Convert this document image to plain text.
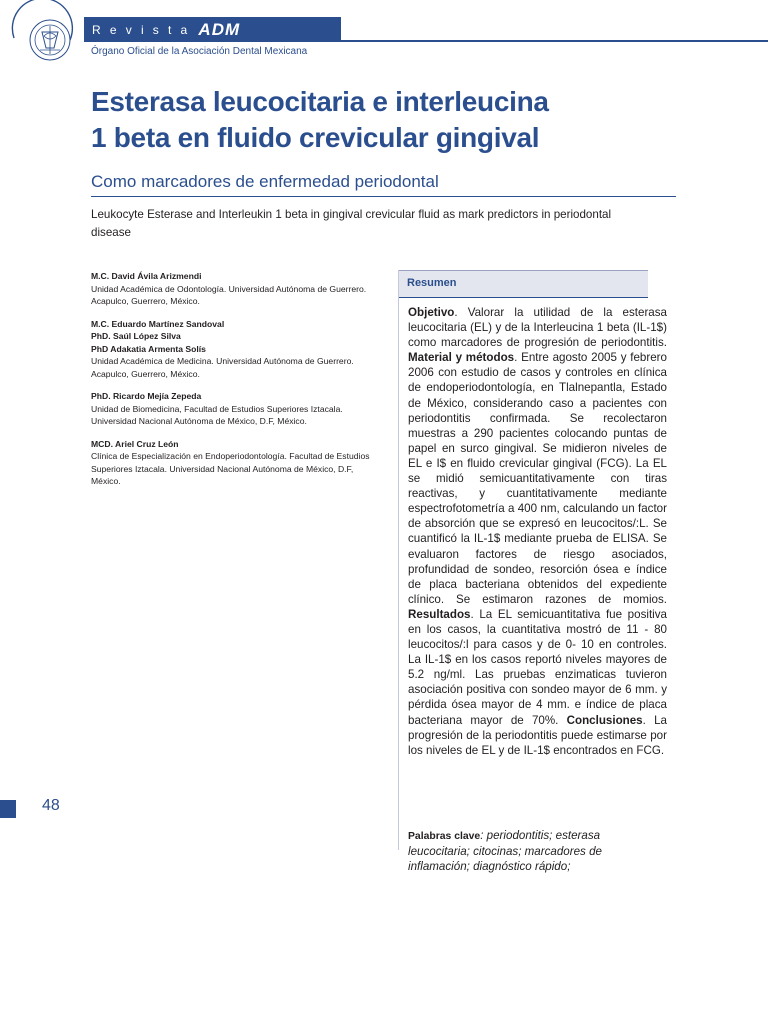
Revista ADM
Órgano Oficial de la Asociación Dental Mexicana
Esterasa leucocitaria e interleucina
1 beta en fluido crevicular gingival
Como marcadores de enfermedad periodontal
Leukocyte Esterase and Interleukin 1 beta in gingival crevicular fluid as mark predictors in periodontal disease
M.C. David Ávila Arizmendi
Unidad Académica de Odontología. Universidad Autónoma de Guerrero. Acapulco, Guerrero, México.
M.C. Eduardo Martínez Sandoval
PhD. Saúl López Silva
PhD Adakatia Armenta Solís
Unidad Académica de Medicina. Universidad Autónoma de Guerrero. Acapulco, Guerrero, México.
PhD. Ricardo Mejía Zepeda
Unidad de Biomedicina, Facultad de Estudios Superiores Iztacala. Universidad Nacional Autónoma de México, D.F, México.
MCD. Ariel Cruz León
Clínica de Especialización en Endoperiodontología. Facultad de Estudios Superiores Iztacala. Universidad Nacional Autónoma de México, D.F, México.
Resumen
Objetivo. Valorar la utilidad de la esterasa leucocitaria (EL) y de la Interleucina 1 beta (IL-1$) como marcadores de progresión de periodontitis. Material y métodos. Entre agosto 2005 y febrero 2006 con estudio de casos y controles en clínica de endoperiodontología, en Tlalnepantla, Estado de México, considerando caso a pacientes con periodontitis confirmada. Se recolectaron muestras a 290 pacientes colocando puntas de papel en surco gingival. Se midieron niveles de EL e I$ en fluido crevicular gingival (FCG). La EL se midió semicuantitativamente con tiras reactivas, y cuantitativamente mediante espectrofotometría a 400 nm, calculando un factor de absorción que se expresó en leucocitos/:L. Se cuantificó la IL-1$ mediante prueba de ELISA. Se evaluaron factores de riesgo asociados, profundidad de sondeo, resorción ósea e índice de placa bacteriana obtenidos del expediente clínico. Se estimaron razones de momios. Resultados. La EL semicuantitativa fue positiva en los casos, la cuantitativa mostró de 11 - 80 leucocitos/:l para casos y de 0- 10 en controles. La IL-1$ en los casos reportó niveles mayores de 5.2 ng/ml. Las pruebas enzimaticas tuvieron asociación positiva con sondeo mayor de 6 mm. y pérdida ósea mayor de 4 mm. e índice de placa bacteriana mayor de 70%. Conclusiones. La progresión de la periodontitis puede estimarse por los niveles de EL y de IL-1$ encontrados en FCG.
Palabras clave: periodontitis; esterasa leucocitaria; citocinas; marcadores de inflamación; diagnóstico rápido;
48
